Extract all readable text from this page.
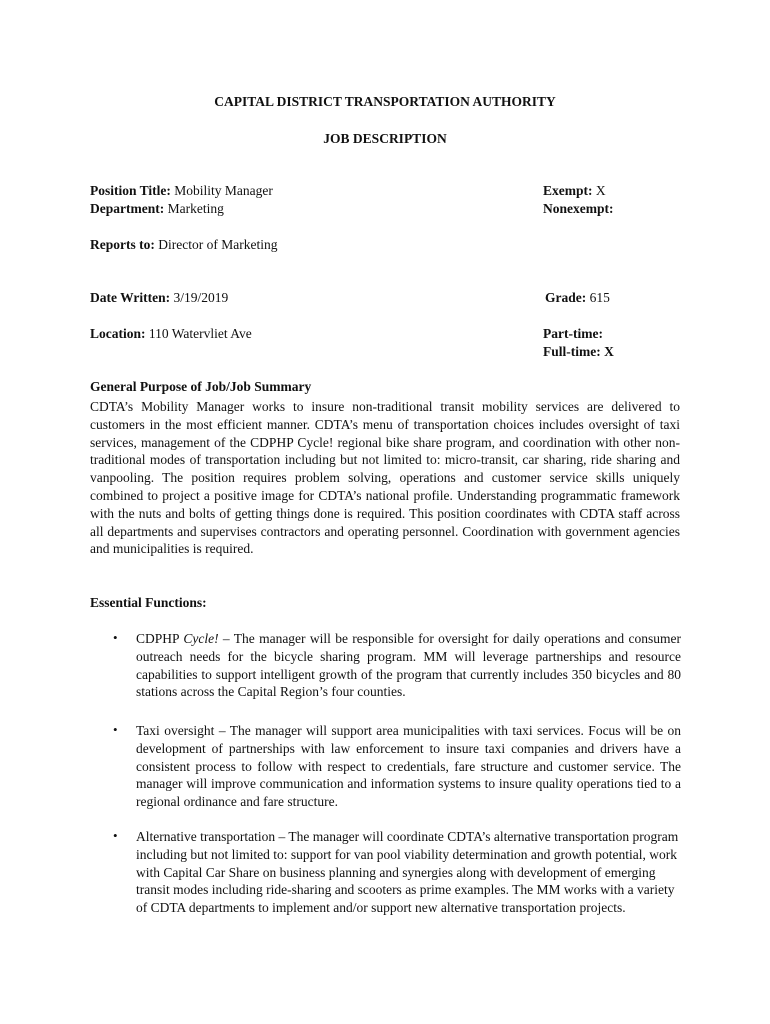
CAPITAL DISTRICT TRANSPORTATION AUTHORITY
JOB DESCRIPTION
Position Title: Mobility Manager
Department: Marketing
Exempt: X
Nonexempt:
Reports to: Director of Marketing
Date Written: 3/19/2019	Grade: 615
Location: 110 Watervliet Ave	Part-time:
Full-time: X
General Purpose of Job/Job Summary
CDTA’s Mobility Manager works to insure non-traditional transit mobility services are delivered to customers in the most efficient manner. CDTA’s menu of transportation choices includes oversight of taxi services, management of the CDPHP Cycle! regional bike share program, and coordination with other non-traditional modes of transportation including but not limited to: micro-transit, car sharing, ride sharing and vanpooling. The position requires problem solving, operations and customer service skills uniquely combined to project a positive image for CDTA’s national profile. Understanding programmatic framework with the nuts and bolts of getting things done is required. This position coordinates with CDTA staff across all departments and supervises contractors and operating personnel. Coordination with government agencies and municipalities is required.
Essential Functions:
• CDPHP Cycle! – The manager will be responsible for oversight for daily operations and consumer outreach needs for the bicycle sharing program. MM will leverage partnerships and resource capabilities to support intelligent growth of the program that currently includes 350 bicycles and 80 stations across the Capital Region’s four counties.
• Taxi oversight – The manager will support area municipalities with taxi services. Focus will be on development of partnerships with law enforcement to insure taxi companies and drivers have a consistent process to follow with respect to credentials, fare structure and customer service. The manager will improve communication and information systems to insure quality operations tied to a regional ordinance and fare structure.
• Alternative transportation – The manager will coordinate CDTA’s alternative transportation program including but not limited to: support for van pool viability determination and growth potential, work with Capital Car Share on business planning and synergies along with development of emerging transit modes including ride-sharing and scooters as prime examples. The MM works with a variety of CDTA departments to implement and/or support new alternative transportation projects.
